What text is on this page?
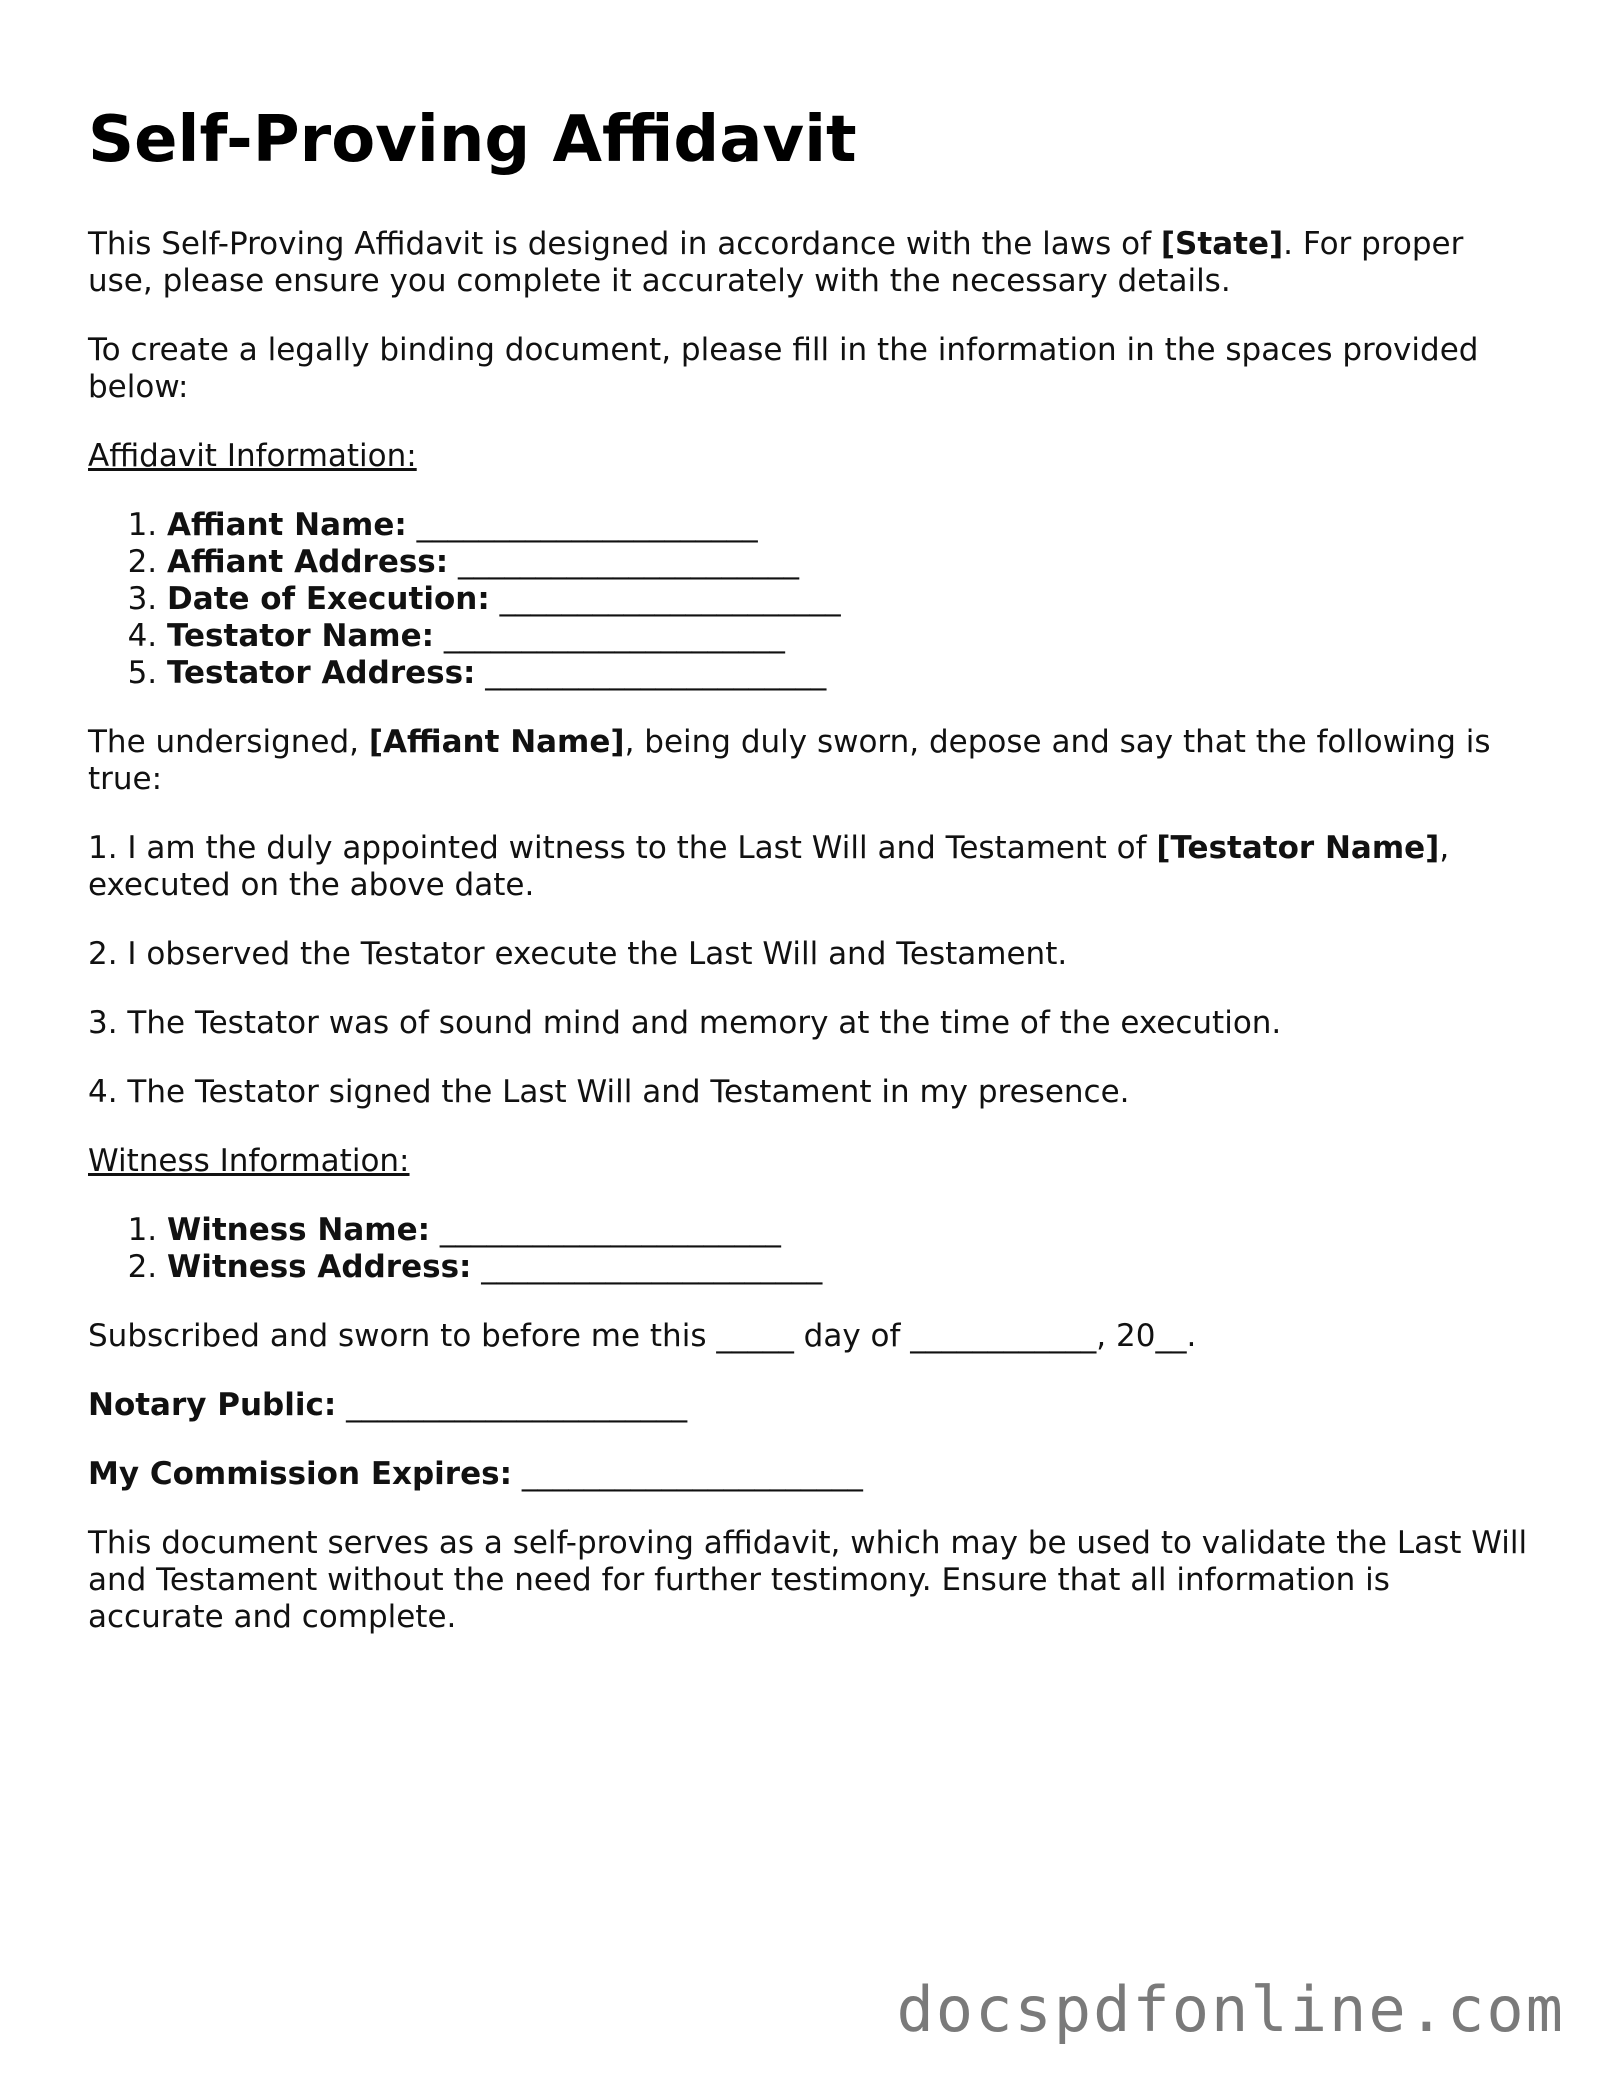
Self-Proving Affidavit

This Self-Proving Affidavit is designed in accordance with the laws of [State]. For proper use, please ensure you complete it accurately with the necessary details.

To create a legally binding document, please fill in the information in the spaces provided below:

Affidavit Information:
1. Affiant Name: ______________________
2. Affiant Address: ______________________
3. Date of Execution: ______________________
4. Testator Name: ______________________
5. Testator Address: ______________________

The undersigned, [Affiant Name], being duly sworn, depose and say that the following is true:

1. I am the duly appointed witness to the Last Will and Testament of [Testator Name], executed on the above date.

2. I observed the Testator execute the Last Will and Testament.

3. The Testator was of sound mind and memory at the time of the execution.

4. The Testator signed the Last Will and Testament in my presence.

Witness Information:
1. Witness Name: ______________________
2. Witness Address: ______________________

Subscribed and sworn to before me this _____ day of ____________, 20__.

Notary Public: ______________________
My Commission Expires: ______________________

This document serves as a self-proving affidavit, which may be used to validate the Last Will and Testament without the need for further testimony. Ensure that all information is accurate and complete.

docspdfonline.com
